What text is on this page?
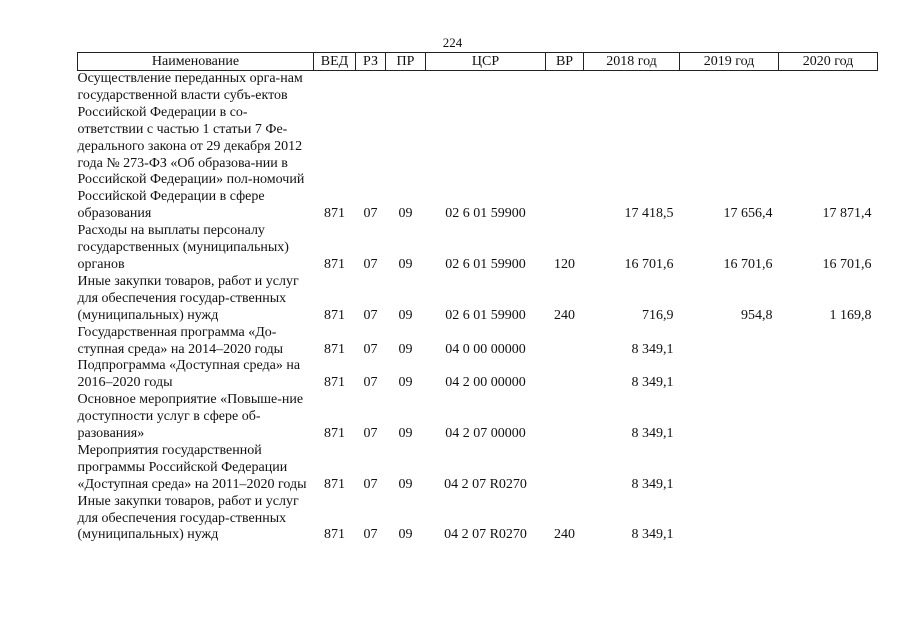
224
Наименование	ВЕД	РЗ	ПР	ЦСР	ВР	2018 год	2019 год	2020 год
Осуществление переданных орга-нам государственной власти субъ-ектов Российской Федерации в со-ответствии с частью 1 статьи 7 Фе-дерального закона от 29 декабря 2012 года № 273-ФЗ «Об образова-нии в Российской Федерации» пол-номочий Российской Федерации в сфере образования	871	07	09	02 6 01 59900		17 418,5	17 656,4	17 871,4
Расходы на выплаты персоналу государственных (муниципальных) органов	871	07	09	02 6 01 59900	120	16 701,6	16 701,6	16 701,6
Иные закупки товаров, работ и услуг для обеспечения государ-ственных (муниципальных) нужд	871	07	09	02 6 01 59900	240	716,9	954,8	1 169,8
Государственная программа «До-ступная среда» на 2014–2020 годы	871	07	09	04 0 00 00000		8 349,1		
Подпрограмма «Доступная среда» на 2016–2020 годы	871	07	09	04 2 00 00000		8 349,1		
Основное мероприятие «Повыше-ние доступности услуг в сфере об-разования»	871	07	09	04 2 07 00000		8 349,1		
Мероприятия государственной программы Российской Федерации «Доступная среда» на 2011–2020 годы	871	07	09	04 2 07 R0270		8 349,1		
Иные закупки товаров, работ и услуг для обеспечения государ-ственных (муниципальных) нужд	871	07	09	04 2 07 R0270	240	8 349,1		
